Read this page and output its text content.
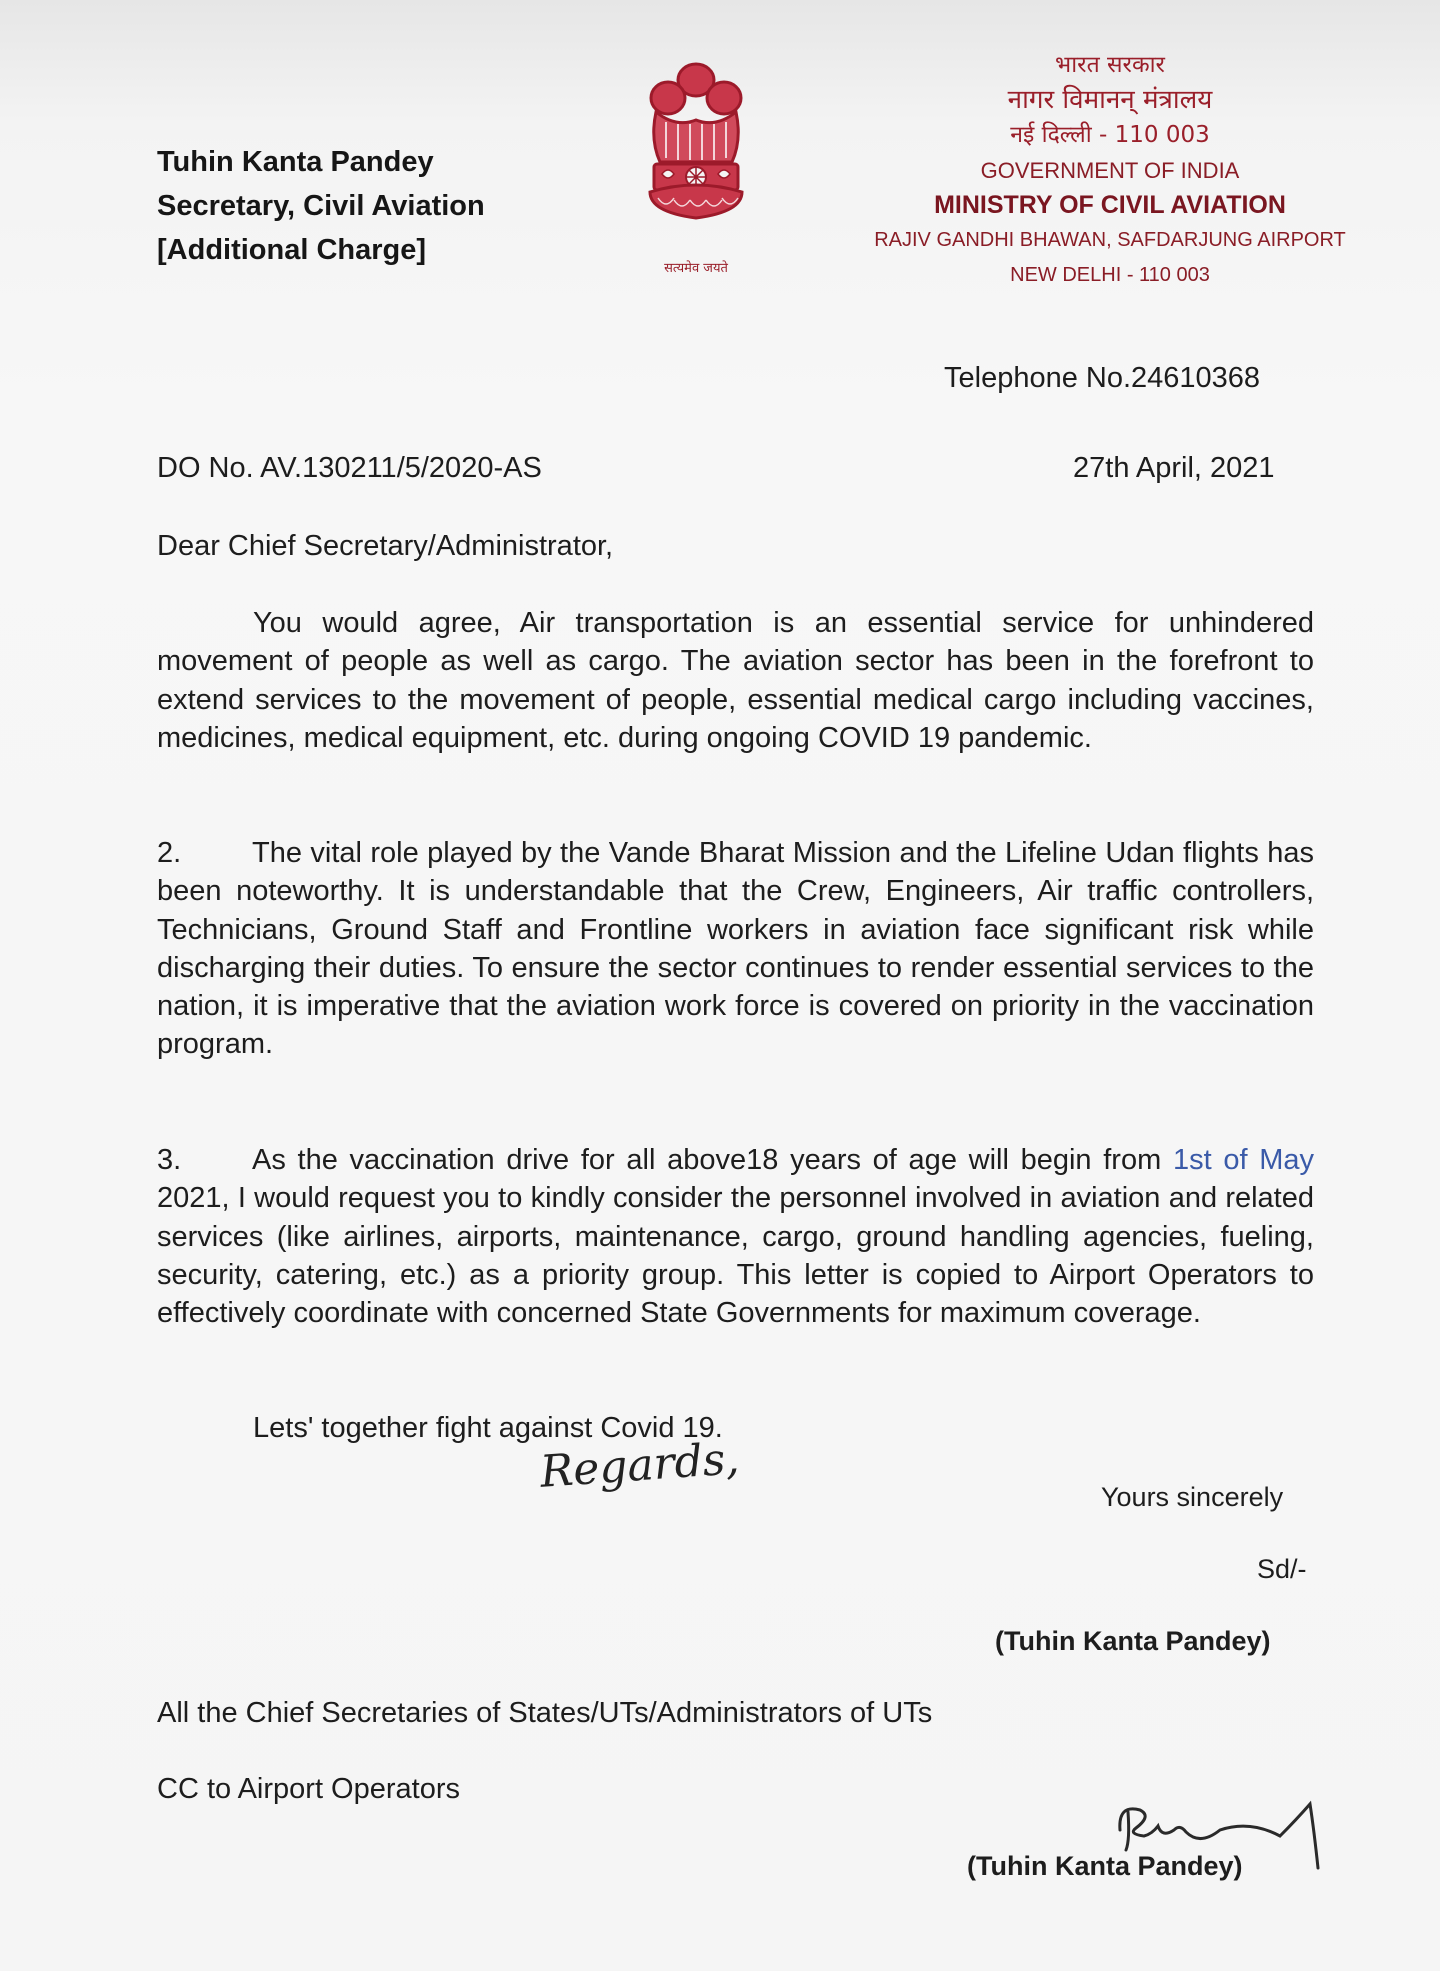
Tuhin Kanta Pandey
Secretary, Civil Aviation
[Additional Charge]
सत्यमेव जयते
भारत सरकार
नागर विमानन् मंत्रालय
नई दिल्ली - 110 003
GOVERNMENT OF INDIA
MINISTRY OF CIVIL AVIATION
RAJIV GANDHI BHAWAN, SAFDARJUNG AIRPORT
NEW DELHI - 110 003
Telephone No.24610368
DO No. AV.130211/5/2020-AS	27th April, 2021
Dear Chief Secretary/Administrator,
You would agree, Air transportation is an essential service for unhindered movement of people as well as cargo. The aviation sector has been in the forefront to extend services to the movement of people, essential medical cargo including vaccines, medicines, medical equipment, etc. during ongoing COVID 19 pandemic.
2. The vital role played by the Vande Bharat Mission and the Lifeline Udan flights has been noteworthy. It is understandable that the Crew, Engineers, Air traffic controllers, Technicians, Ground Staff and Frontline workers in aviation face significant risk while discharging their duties. To ensure the sector continues to render essential services to the nation, it is imperative that the aviation work force is covered on priority in the vaccination program.
3. As the vaccination drive for all above18 years of age will begin from 1st of May 2021, I would request you to kindly consider the personnel involved in aviation and related services (like airlines, airports, maintenance, cargo, ground handling agencies, fueling, security, catering, etc.) as a priority group. This letter is copied to Airport Operators to effectively coordinate with concerned State Governments for maximum coverage.
Lets' together fight against Covid 19.
Regards,	Yours sincerely
Sd/-
(Tuhin Kanta Pandey)
All the Chief Secretaries of States/UTs/Administrators of UTs
CC to Airport Operators
(Tuhin Kanta Pandey)
